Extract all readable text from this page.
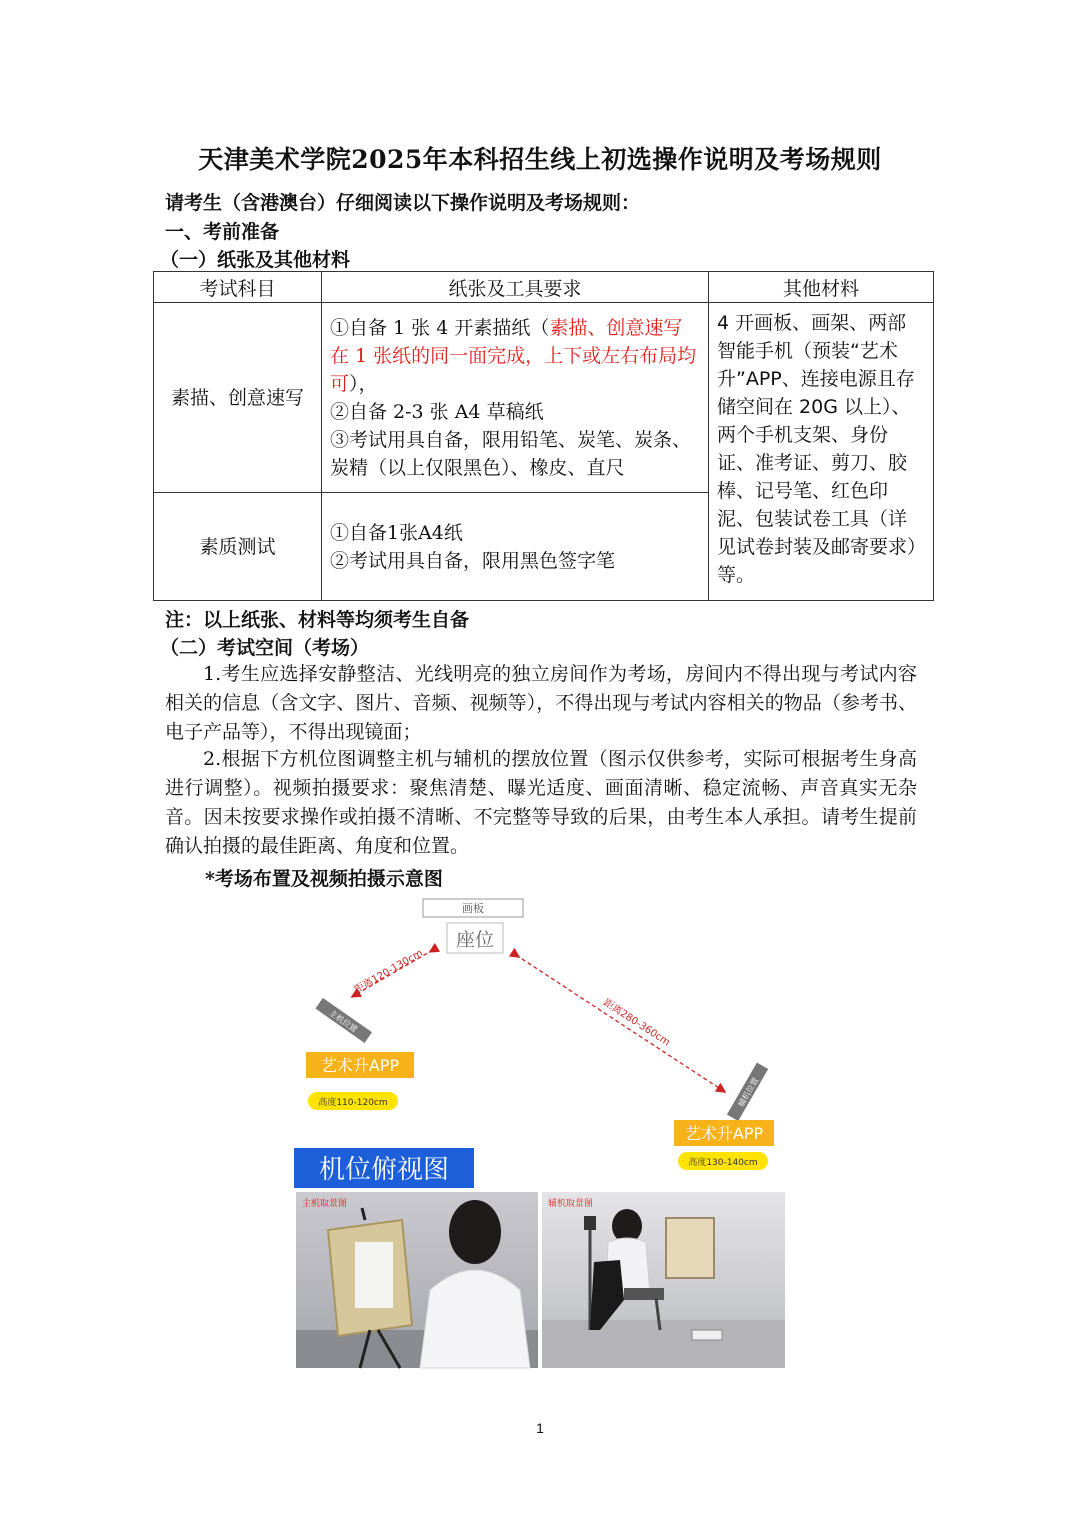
天津美术学院2025年本科招生线上初选操作说明及考场规则
请考生（含港澳台）仔细阅读以下操作说明及考场规则：
一、考前准备
（一）纸张及其他材料
考试科目	纸张及工具要求	其他材料
素描、创意速写	①自备 1 张 4 开素描纸（素描、创意速写在 1 张纸的同一面完成，上下或左右布局均可），
②自备 2-3 张 A4 草稿纸
③考试用具自备，限用铅笔、炭笔、炭条、炭精（以上仅限黑色）、橡皮、直尺	4 开画板、画架、两部智能手机（预装“艺术升”APP、连接电源且存储空间在 20G 以上）、两个手机支架、身份证、准考证、剪刀、胶棒、记号笔、红色印泥、包装试卷工具（详见试卷封装及邮寄要求）等。
素质测试	①自备1张A4纸
②考试用具自备，限用黑色签字笔	
注：以上纸张、材料等均须考生自备
（二）考试空间（考场）
1.考生应选择安静整洁、光线明亮的独立房间作为考场，房间内不得出现与考试内容相关的信息（含文字、图片、音频、视频等），不得出现与考试内容相关的物品（参考书、电子产品等），不得出现镜面；
2.根据下方机位图调整主机与辅机的摆放位置（图示仅供参考，实际可根据考生身高进行调整）。视频拍摄要求：聚焦清楚、曝光适度、画面清晰、稳定流畅、声音真实无杂音。因未按要求操作或拍摄不清晰、不完整等导致的后果，由考生本人承担。请考生提前确认拍摄的最佳距离、角度和位置。
*考场布置及视频拍摄示意图
画板
座位
距离120-130cm
距离280-360cm
主机位置
艺术升APP
高度110-120cm	辅机位置
艺术升APP
高度130-140cm
机位俯视图
主机取景图	辅机取景图
1
